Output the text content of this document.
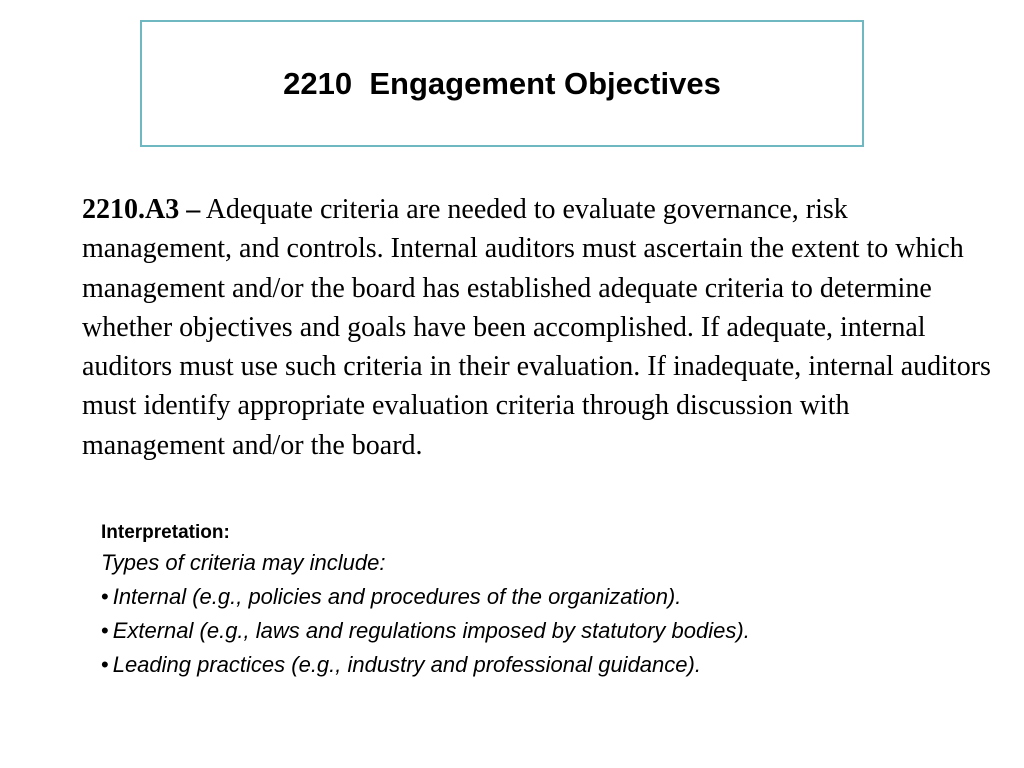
2210  Engagement Objectives

2210.A3 – Adequate criteria are needed to evaluate governance, risk management, and controls. Internal auditors must ascertain the extent to which management and/or the board has established adequate criteria to determine whether objectives and goals have been accomplished. If adequate, internal auditors must use such criteria in their evaluation. If inadequate, internal auditors must identify appropriate evaluation criteria through discussion with management and/or the board.

Interpretation:

Types of criteria may include:

• Internal (e.g., policies and procedures of the organization).
• External (e.g., laws and regulations imposed by statutory bodies).
• Leading practices (e.g., industry and professional guidance).
